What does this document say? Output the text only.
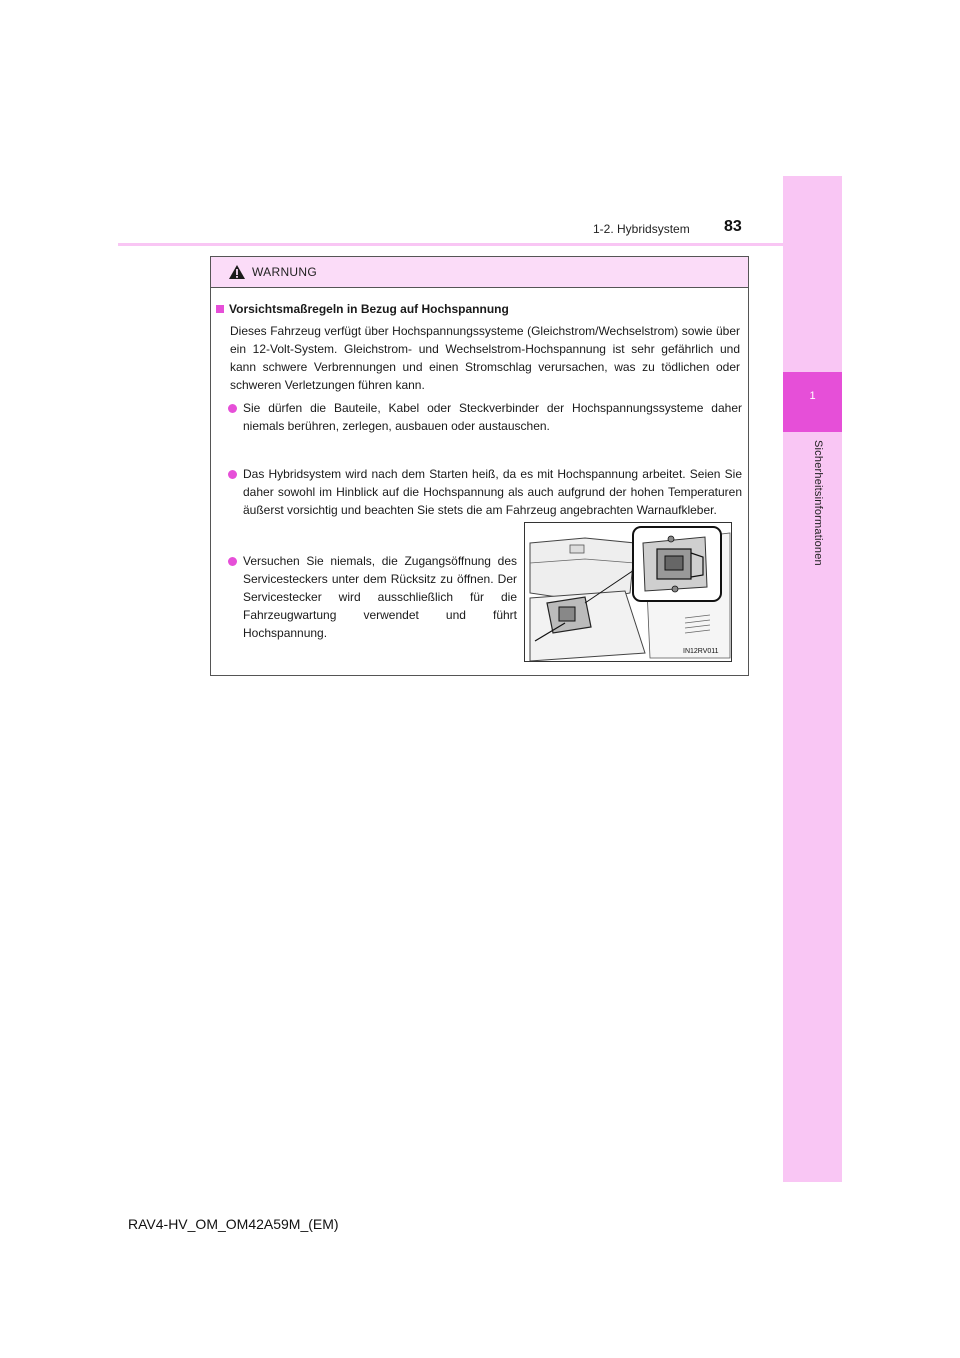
1
Sicherheitsinformationen
1-2. Hybridsystem 83
WARNUNG
Vorsichtsmaßregeln in Bezug auf Hochspannung
Dieses Fahrzeug verfügt über Hochspannungssysteme (Gleichstrom/Wechselstrom) sowie über ein 12-Volt-System. Gleichstrom- und Wechselstrom-Hochspannung ist sehr gefährlich und kann schwere Verbrennungen und einen Stromschlag verursachen, was zu tödlichen oder schweren Verletzungen führen kann.
Sie dürfen die Bauteile, Kabel oder Steckverbinder der Hochspannungssysteme daher niemals berühren, zerlegen, ausbauen oder austauschen.
Das Hybridsystem wird nach dem Starten heiß, da es mit Hochspannung arbeitet. Seien Sie daher sowohl im Hinblick auf die Hochspannung als auch aufgrund der hohen Temperaturen äußerst vorsichtig und beachten Sie stets die am Fahrzeug angebrachten Warnaufkleber.
Versuchen Sie niemals, die Zugangsöffnung des Servicesteckers unter dem Rücksitz zu öffnen. Der Servicestecker wird ausschließlich für die Fahrzeugwartung verwendet und führt Hochspannung.
IN12RV011
RAV4-HV_OM_OM42A59M_(EM)
